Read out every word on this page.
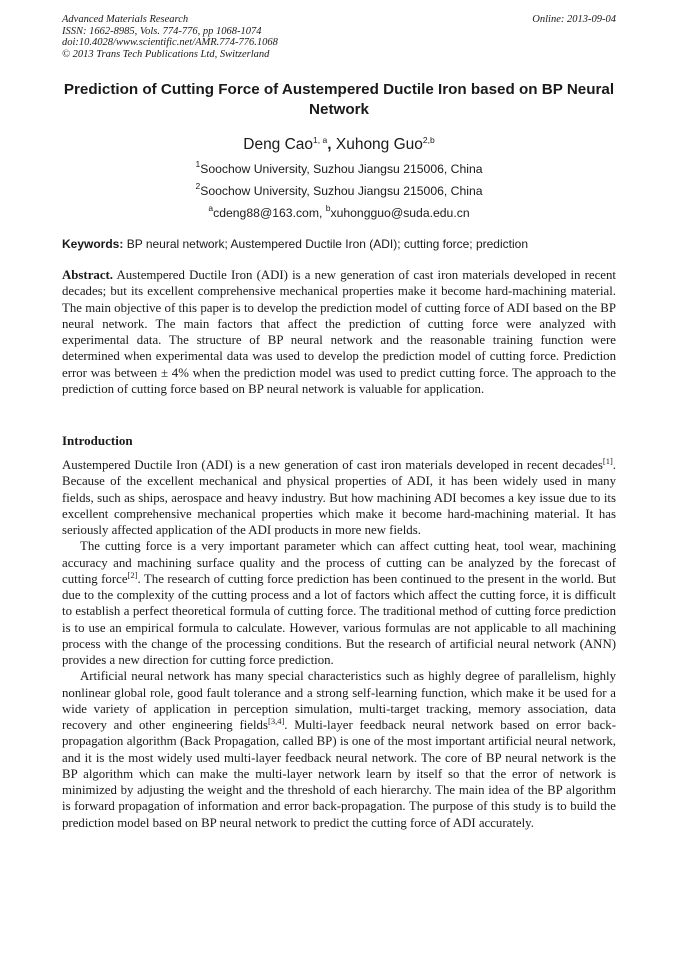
Advanced Materials Research
ISSN: 1662-8985, Vols. 774-776, pp 1068-1074
doi:10.4028/www.scientific.net/AMR.774-776.1068
© 2013 Trans Tech Publications Ltd, Switzerland
Online: 2013-09-04
Prediction of Cutting Force of Austempered Ductile Iron based on BP Neural Network
Deng Cao$^{1, a}$, Xuhong Guo$^{2,b}$
$^1$Soochow University, Suzhou Jiangsu 215006, China
$^2$Soochow University, Suzhou Jiangsu 215006, China
$^a$cdeng88@163.com, $^b$xuhongguo@suda.edu.cn
Keywords: BP neural network; Austempered Ductile Iron (ADI); cutting force; prediction

Abstract. Austempered Ductile Iron (ADI) is a new generation of cast iron materials developed in recent decades; but its excellent comprehensive mechanical properties make it become hard-machining material. The main objective of this paper is to develop the prediction model of cutting force of ADI based on the BP neural network. The main factors that affect the prediction of cutting force were analyzed with experimental data. The structure of BP neural network and the reasonable training function were determined when experimental data was used to develop the prediction model of cutting force. Prediction error was between ± 4% when the prediction model was used to predict cutting force. The approach to the prediction of cutting force based on BP neural network is valuable for application.

Introduction

Austempered Ductile Iron (ADI) is a new generation of cast iron materials developed in recent decades[1]. Because of the excellent mechanical and physical properties of ADI, it has been widely used in many fields, such as ships, aerospace and heavy industry. But how machining ADI becomes a key issue due to its excellent comprehensive mechanical properties which make it become hard-machining material. It has seriously affected application of the ADI products in more new fields.

The cutting force is a very important parameter which can affect cutting heat, tool wear, machining accuracy and machining surface quality and the process of cutting can be analyzed by the forecast of cutting force[2]. The research of cutting force prediction has been continued to the present in the world. But due to the complexity of the cutting process and a lot of factors which affect the cutting force, it is difficult to establish a perfect theoretical formula of cutting force. The traditional method of cutting force prediction is to use an empirical formula to calculate. However, various formulas are not applicable to all machining process with the change of the processing conditions. But the research of artificial neural network (ANN) provides a new direction for cutting force prediction.

Artificial neural network has many special characteristics such as highly degree of parallelism, highly nonlinear global role, good fault tolerance and a strong self-learning function, which make it be used for a wide variety of application in perception simulation, multi-target tracking, memory association, data recovery and other engineering fields[3,4]. Multi-layer feedback neural network based on error back-propagation algorithm (Back Propagation, called BP) is one of the most important artificial neural network, and it is the most widely used multi-layer feedback neural network. The core of BP neural network is the BP algorithm which can make the multi-layer network learn by itself so that the error of network is minimized by adjusting the weight and the threshold of each hierarchy. The main idea of the BP algorithm is forward propagation of information and error back-propagation. The purpose of this study is to build the prediction model based on BP neural network to predict the cutting force of ADI accurately.
